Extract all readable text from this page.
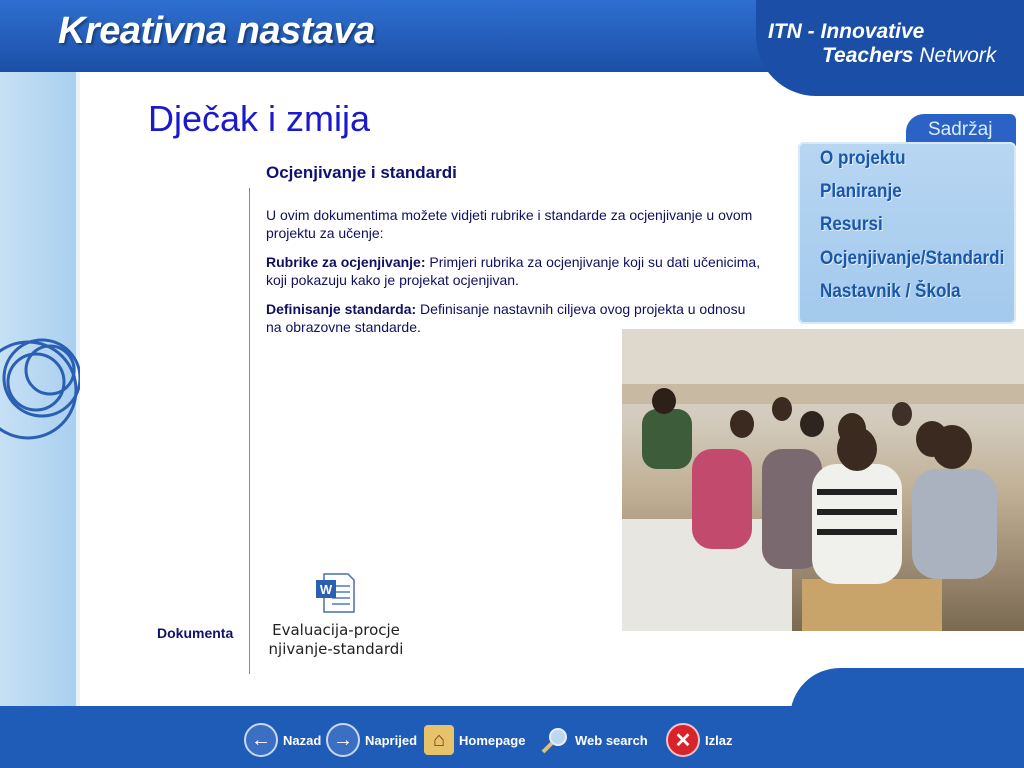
Kreativna nastava	ITN - Innovative
Teachers Network
Dječak i zmija
Ocjenjivanje i standardi
U ovim dokumentima možete vidjeti rubrike i standarde za ocjenjivanje u ovom projektu za učenje:
Rubrike za ocjenjivanje: Primjeri rubrika za ocjenjivanje koji su dati učenicima, koji pokazuju kako je projekat ocjenjivan.
Definisanje standarda: Definisanje nastavnih ciljeva ovog projekta u odnosu na obrazovne standarde.
Sadržaj
O projektu
Planiranje
Resursi
Ocjenjivanje/Standardi
Nastavnik / Škola
Dokumenta
W
Evaluacija-procje
njivanje-standardi
← Nazad → Naprijed ⌂	Homepage	Web search	✕	Izlaz
